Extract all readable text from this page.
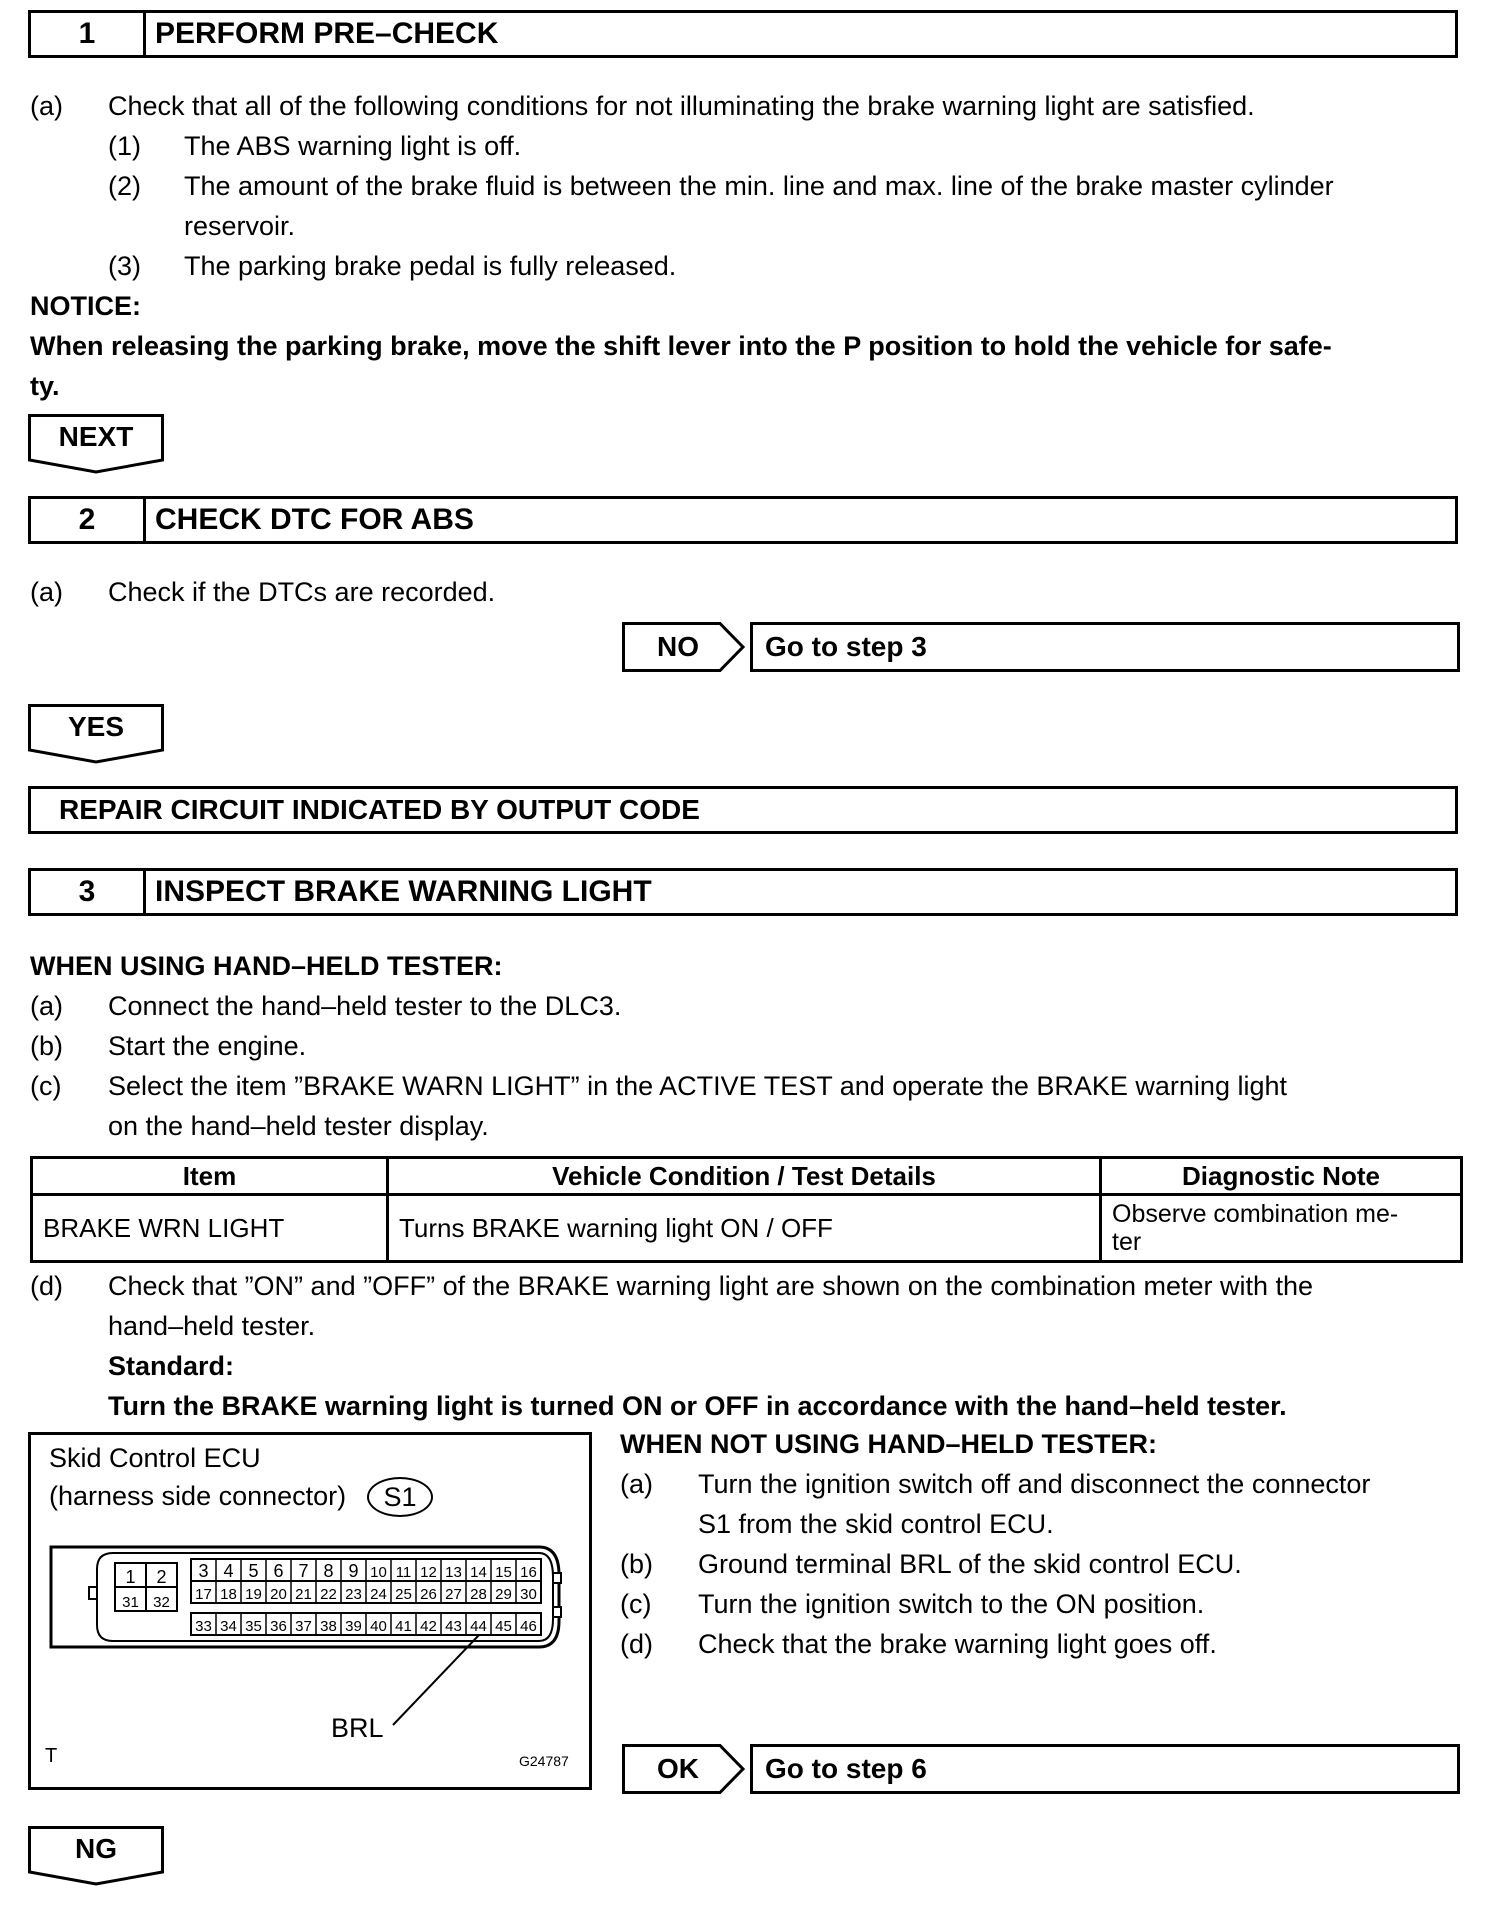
1	PERFORM PRE–CHECK
(a) Check that all of the following conditions for not illuminating the brake warning light are satisfied.
(1) The ABS warning light is off.
(2) The amount of the brake fluid is between the min. line and max. line of the brake master cylinder
reservoir.
(3) The parking brake pedal is fully released.
NOTICE:
When releasing the parking brake, move the shift lever into the P position to hold the vehicle for safe-
ty.
NEXT
2	CHECK DTC FOR ABS
(a) Check if the DTCs are recorded.
NO	Go to step 3
YES
REPAIR CIRCUIT INDICATED BY OUTPUT CODE
3	INSPECT BRAKE WARNING LIGHT
WHEN USING HAND–HELD TESTER:
(a) Connect the hand–held tester to the DLC3.
(b) Start the engine.
(c) Select the item ”BRAKE WARN LIGHT” in the ACTIVE TEST and operate the BRAKE warning light
on the hand–held tester display.
Item	Vehicle Condition / Test Details	Diagnostic Note
BRAKE WRN LIGHT	Turns BRAKE warning light ON / OFF	Observe combination me-
ter
(d) Check that ”ON” and ”OFF” of the BRAKE warning light are shown on the combination meter with the
hand–held tester.
Standard:
Turn the BRAKE warning light is turned ON or OFF in accordance with the hand–held tester.
Skid Control ECU
(harness side connector)	S1
3 4 5 6 7 8 9 10 11 12 13 14 15 16
17 18 19 20 21 22 23 24 25 26 27 28 29 30
33 34 35 36 37 38 39 40 41 42 43 44 45 46
1 2
31 32
BRL
T	G24787
WHEN NOT USING HAND–HELD TESTER:
(a) Turn the ignition switch off and disconnect the connector
S1 from the skid control ECU.
(b) Ground terminal BRL of the skid control ECU.
(c) Turn the ignition switch to the ON position.
(d) Check that the brake warning light goes off.
OK	Go to step 6
NG
